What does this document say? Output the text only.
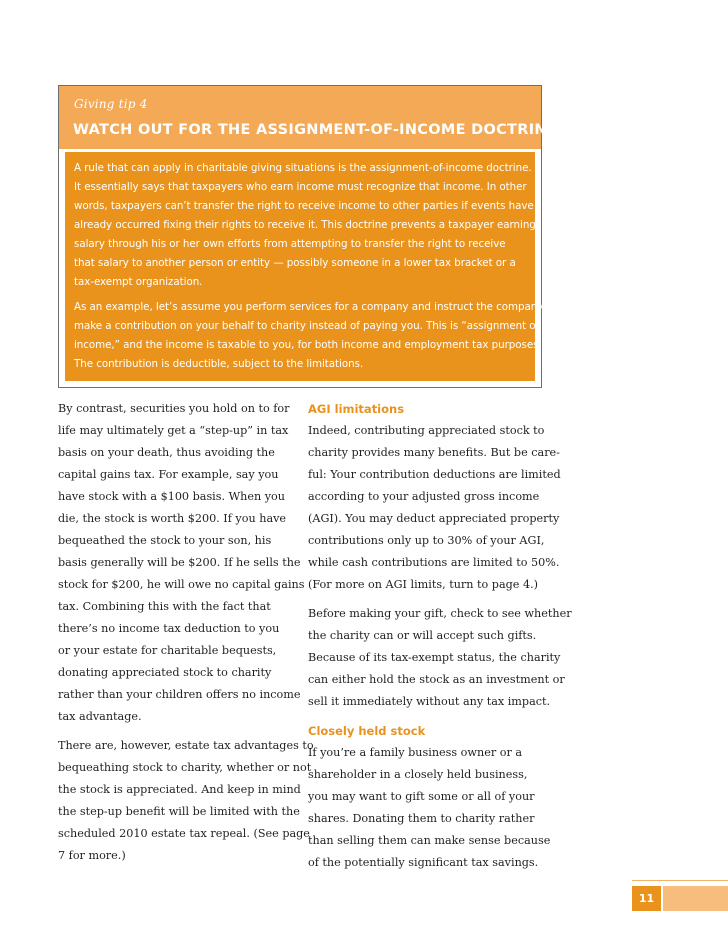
Giving tip 4
WATCH OUT FOR THE ASSIGNMENT-OF-INCOME DOCTRINE
A rule that can apply in charitable giving situations is the assignment-of-income doctrine.
It essentially says that taxpayers who earn income must recognize that income. In other
words, taxpayers can’t transfer the right to receive income to other parties if events have
already occurred fixing their rights to receive it. This doctrine prevents a taxpayer earning
salary through his or her own efforts from attempting to transfer the right to receive
that salary to another person or entity — possibly someone in a lower tax bracket or a
tax-exempt organization.
As an example, let’s assume you perform services for a company and instruct the company to
make a contribution on your behalf to charity instead of paying you. This is “assignment of
income,” and the income is taxable to you, for both income and employment tax purposes.
The contribution is deductible, subject to the limitations.
By contrast, securities you hold on to for
life may ultimately get a “step-up” in tax
basis on your death, thus avoiding the
capital gains tax. For example, say you
have stock with a $100 basis. When you
die, the stock is worth $200. If you have
bequeathed the stock to your son, his
basis generally will be $200. If he sells the
stock for $200, he will owe no capital gains
tax. Combining this with the fact that
there’s no income tax deduction to you
or your estate for charitable bequests,
donating appreciated stock to charity
rather than your children offers no income
tax advantage.
There are, however, estate tax advantages to
bequeathing stock to charity, whether or not
the stock is appreciated. And keep in mind
the step-up benefit will be limited with the
scheduled 2010 estate tax repeal. (See page
7 for more.)
AGI limitations
Indeed, contributing appreciated stock to
charity provides many benefits. But be care-
ful: Your contribution deductions are limited
according to your adjusted gross income
(AGI). You may deduct appreciated property
contributions only up to 30% of your AGI,
while cash contributions are limited to 50%.
(For more on AGI limits, turn to page 4.)
Before making your gift, check to see whether
the charity can or will accept such gifts.
Because of its tax-exempt status, the charity
can either hold the stock as an investment or
sell it immediately without any tax impact.
Closely held stock
If you’re a family business owner or a
shareholder in a closely held business,
you may want to gift some or all of your
shares. Donating them to charity rather
than selling them can make sense because
of the potentially significant tax savings.
11
